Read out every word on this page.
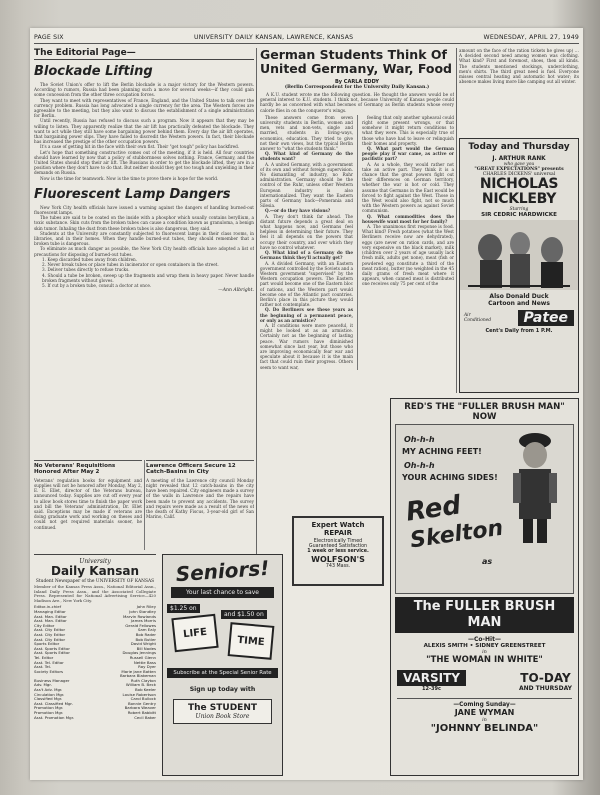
PAGE SIX	UNIVERSITY DAILY KANSAN, LAWRENCE, KANSAS	WEDNESDAY, APRIL 27, 1949
The Editorial Page—
Blockade Lifting

The Soviet Union's offer to lift the Berlin blockade is a major victory for the Western powers. According to rumors, Russia had been planning such a move for several weeks—if they could gain some concession from the other three occupation forces.

They want to meet with representatives of France, England, and the United States to talk over the currency problem. Russia has long advocated a single currency for the area. The Western forces are agreeable to the meeting, but they also want to discuss the establishment of a single administration for Berlin.

Until recently, Russia has refused to discuss such a program. Now it appears that they may be willing to listen. They apparently realize that the air lift has practically defeated the blockade. They want to act while they still have some bargaining power behind them. Every day the air lift operates, that bargaining power slips. They have failed to discredit the Western powers. In fact, their blockade has increased the prestige of the other occupation powers.

It's a case of getting hit in the face with their own fist. Their "get tough" policy has backfired.

Let's hope that something constructive comes out of the meeting, if it is held. All four countries should have learned by now that a policy of stubbornness solves nothing. France, Germany, and the United States should stop their air lift. The Russians in order to get the blockade lifted, they are in a position where they don't have to do that. But neither should they get too tough and unyielding in their demands on Russia.

Now is the time for teamwork. Now is the time to prove there is hope for the world.

Fluorescent Lamp Dangers

New York City health officials have issued a warning against the dangers of handling burned-out fluorescent lamps.

The tubes are said to be coated on the inside with a phosphor which usually contains beryllium, a toxic substance. Skin cuts from the broken tubes can cause a condition known as granuloma, a benign skin tumor. Inhaling the dust from these broken tubes is also dangerous, they said.

Students at the University are constantly subjected to fluorescent lamps in their class rooms, in libraries, and in their homes. When they handle burned-out tubes, they should remember that a broken tube is dangerous.

To eliminate as much danger as possible, the New York City health officials have adopted a list of precautions for disposing of burned-out tubes.

1. Keep discarded tubes away from children.
2. Never break tubes or place tubes in incinerator or open containers in the street.
3. Deliver tubes directly to refuse trucks.
4. Should a tube be broken, sweep up the fragments and wrap them in heavy paper. Never handle broken fragments without gloves.
5. If cut by a broken tube, consult a doctor at once.
—Ann Albright.
No Veterans' Requisitions Honored After May 2

Veterans' regulation books for equipment and supplies will not be honored after Monday, May 2, E. E. Ellet, director of the Veterans bureau, announced today. Supplies are cut off every year to allow book stores time to finish the paper work and bill the Veterans' administration, Dr. Ellet said. Exceptions may be made if veterans are doing graduate work and working on theses and could not get required materials sooner, he continued.

Lawrence Officers Secure 12 Catch-Basins in City

A meeting of the Lawrence city council Monday night revealed that 12 catch-basins in the city have been repaired. City engineers made a survey of the walls in Lawrence and the repairs have been made to prevent any accidents. The survey and repairs were made as a result of the news of the death of Kathy Fiscus, 3-year-old girl of San Marino, Calif.

University
Daily Kansan
Student Newspaper of the UNIVERSITY OF KANSAS

Member of the Kansas Press Assn., National Editorial Assn., Inland Daily Press Assn., and the Associated Collegiate Press. Represented for National Advertising Service—420 Madison Ave., New York City.

Editor-in-chief	John Riley
Managing Editor	John Standley
Asst. Man. Editor	Marvin Rowlands
Asst. Man. Editor	James Morris
City Editor	Gerald Fellowes
Asst. City Editor	Sam Ealy
Asst. City Editor	Bob Rader
Asst. City Editor	Bob Butler
Sports Editor	David Wright
Asst. Sports Editor	Bill Nodes
Asst. Sports Editor	Douglas Jennings
Tel. Editor	Russell Glenn
Asst. Tel. Editor	Nettie Bass
Asst. Tel.	Ray Dyer
Society Editors	Marie Jane Batten
Barbara Blakeman
Business Manager	Ruth Clayton
Adv. Mgr.	William B. Beck
Ass't Adv. Mgr.	Bob Keeler
Circulation Mgr.	Louise Robertson
Classified Mgr.	Carol Bullock
Asst. Classified Mgr.	Bonnie Gentry
Promotion Mgr.	Barbara Weaver
Promotion Mgr.	Robert Babbitt
Asst. Promotion Mgr.	Cecil Baker
Seniors!
Your last chance to save
$1.25 on
LIFE
and $1.50 on
TIME
Subscribe at the Special Senior Rate
Sign up today with
The STUDENT
Union Book Store
German Students Think Of United Germany, War, Food
By CARLA EDDY
(Berlin Correspondent for the University Daily Kansan.)

A K.U. student wrote me the following question. He thought the answers would be of general interest to K.U. students. I think not, because University of Kansas people could hardly be as concerned with what becomes of Germany as Berlin students whose every calorie flies in on the conqueror's wings.

These answers come from seven university students in Berlin, women and men, vets and non-vets, single and married, students in living-ways, economics, education. They tried to give not their own views, but the typical Berlin answer to "what the students think."

Q. What kind of Germany do the students want?

A. A united Germany, with a government of its own and without foreign supervision. No dismantling of industry, no Ruhr administration. Germany should be the control of the Ruhr, unless other Western European industry is also internationalized. They want the Eastern parts of Germany back—Pomerania and Silesia.

Q.—or do they have visions?

A. They don't think far ahead. The distant future depends a great deal on what happens now, and Germans feel helpless in determining their future. They feel it all depends on the powers that occupy their country, and over which they have no control whatever.

Q. What kind of a Germany do the Germans think they'll actually get?

A. A divided Germany, with an Eastern government controlled by the Soviets and a Western government "supervised" by the Western occupation powers. The Eastern part would become one of the Eastern bloc of nations, and the Western part would become one of the Atlantic pact countries. Berlin's place in this picture they would rather not contemplate.

Q. Do Berliners see these years as the beginning of a permanent peace, or only as an armistice?

A. If conditions were more peaceful, it might be looked at as an armistice. Certainly not as the beginning of lasting peace. War rumors have diminished somewhat since last year, but those who are improving economically fear war and speculate about it because it is the main fact that could ruin their progress. Others seem to want war,

feeling that only another upheaval could right some present wrongs, or that somehow it might return conditions to what they were. This is especially true of those who have had to leave or relinquish their homes and property.

Q. What part would the German people play if war came, as active or pacifistic part?

A. As a whole, they would rather not take an active part. They think it is a chance that the great powers fight out their differences on German territory, whether the war is hot or cold. They assume that Germans in the East would be forced to fight against the West. Those in the West would also fight, not so much with the Western powers as against Soviet communism.

Q. What commodities does the housewife want most for her family?

A. The unanimous first response is food. What kind? Fresh potatoes (what the West Berliners receive now are dehydrated), eggs (are never on ration cards, and are very expensive on the black market), milk (children over 2 years of age usually lack fresh milk, adults get none), meat (fish or powdered egg constitute a third of the meat ration), butter (no weighted in the 45 daily grams of fresh meat where it appears, when canned meat is distributed one receives only 75 per cent of the

amount on the face of the ration tickets he gives up) … A decided second need among women was clothing. What kind? First and foremost, shoes, then all kinds. The students mentioned stockings, underclothing, men's shirts. The third great need is fuel. Everyone misses central heating and automatic hot water; its absence makes living more like camping out all winter.

Today and Thursday
J. ARTHUR RANK
who gave you
"GREAT EXPECTATIONS" presents
CHARLES DICKENS' universal
NICHOLAS NICKLEBY
Starring
SIR CEDRIC HARDWICKE
Also Donald Duck
Cartoon and News
Air Conditioned	Patee
Cent's Daily from 1 P.M.
Expert Watch
REPAIR
Electronically Timed
Guaranteed Satisfaction
1 week or less service.
WOLFSON'S
743 Mass.
RED'S THE "FULLER BRUSH MAN" NOW
Oh-h-h
MY ACHING FEET!
Oh-h-h
YOUR ACHING SIDES!
Red
Skelton
as
The FULLER BRUSH MAN
—Co-Hit—
ALEXIS SMITH • SIDNEY GREENSTREET
in
"THE WOMAN IN WHITE"
VARSITY
12-39c
TO-DAY
AND THURSDAY
—Coming Sunday—
JANE WYMAN
in
"JOHNNY BELINDA"
